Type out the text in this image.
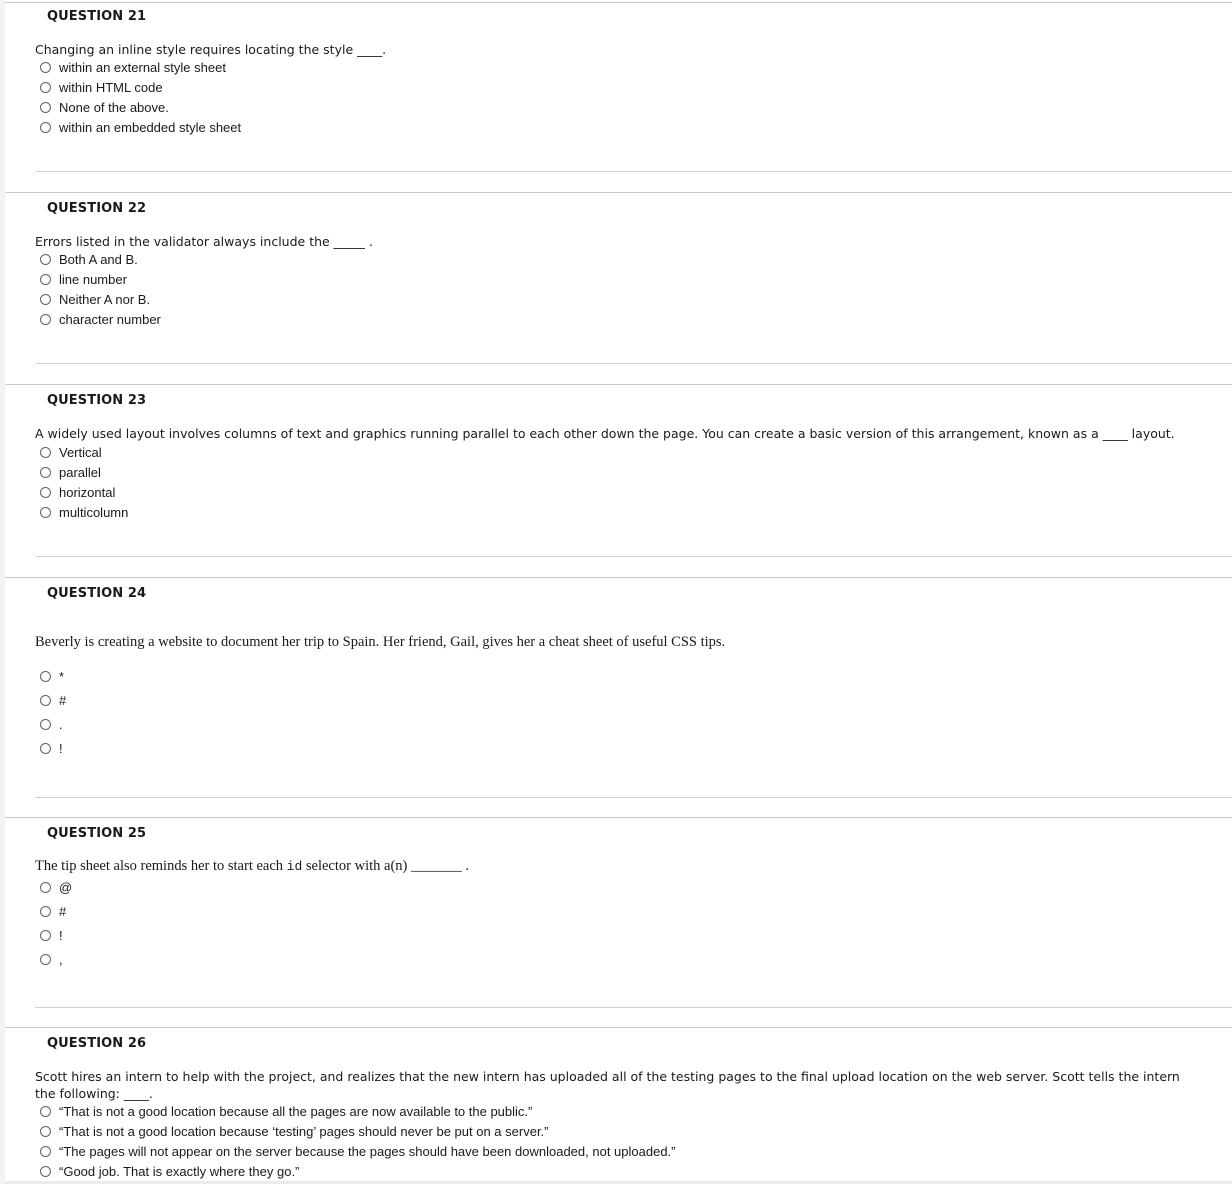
QUESTION 21
Changing an inline style requires locating the style ____.
within an external style sheet
within HTML code
None of the above.
within an embedded style sheet
QUESTION 22
Errors listed in the validator always include the _____ .
Both A and B.
line number
Neither A nor B.
character number
QUESTION 23
A widely used layout involves columns of text and graphics running parallel to each other down the page. You can create a basic version of this arrangement, known as a ____ layout.
Vertical
parallel
horizontal
multicolumn
QUESTION 24
Beverly is creating a website to document her trip to Spain. Her friend, Gail, gives her a cheat sheet of useful CSS tips.
*
#
.
!
QUESTION 25
The tip sheet also reminds her to start each id selector with a(n) _______ .
@
#
!
,
QUESTION 26
Scott hires an intern to help with the project, and realizes that the new intern has uploaded all of the testing pages to the final upload location on the web server. Scott tells the intern the following: ____.
“That is not a good location because all the pages are now available to the public.”
“That is not a good location because ‘testing’ pages should never be put on a server.”
“The pages will not appear on the server because the pages should have been downloaded, not uploaded.”
“Good job. That is exactly where they go.”
